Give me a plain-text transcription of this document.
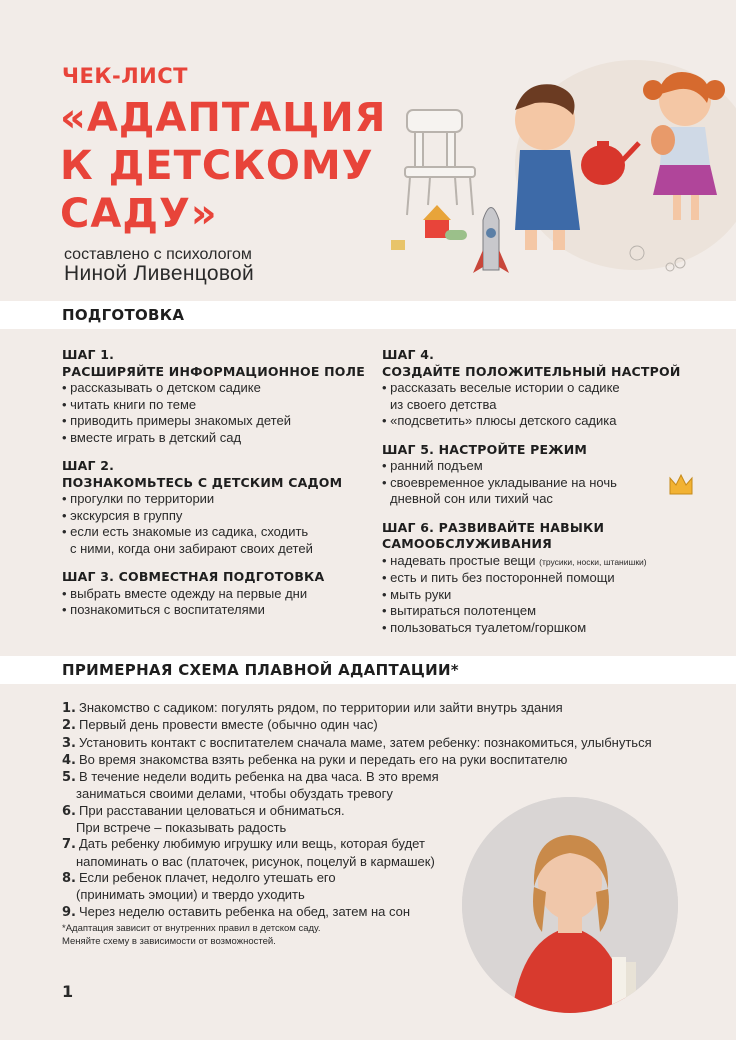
ЧЕК-ЛИСТ
«АДАПТАЦИЯ
К ДЕТСКОМУ
САДУ»
составлено с психологом
Ниной Ливенцовой
ПОДГОТОВКА
ШАГ 1.
РАСШИРЯЙТЕ ИНФОРМАЦИОННОЕ ПОЛЕ
• рассказывать о детском садике
• читать книги по теме
• приводить примеры знакомых детей
• вместе играть в детский сад
ШАГ 2.
ПОЗНАКОМЬТЕСЬ С ДЕТСКИМ САДОМ
• прогулки по территории
• экскурсия в группу
• если есть знакомые из садика, сходить
с ними, когда они забирают своих детей
ШАГ 3. СОВМЕСТНАЯ ПОДГОТОВКА
• выбрать вместе одежду на первые дни
• познакомиться с воспитателями
ШАГ 4.
СОЗДАЙТЕ ПОЛОЖИТЕЛЬНЫЙ НАСТРОЙ
• рассказать веселые истории о садике
из своего детства
• «подсветить» плюсы детского садика
ШАГ 5. НАСТРОЙТЕ РЕЖИМ
• ранний подъем
• своевременное укладывание на ночь
дневной сон или тихий час
ШАГ 6. РАЗВИВАЙТЕ НАВЫКИ
САМООБСЛУЖИВАНИЯ
• надевать простые вещи (трусики, носки, штанишки)
• есть и пить без посторонней помощи
• мыть руки
• вытираться полотенцем
• пользоваться туалетом/горшком
ПРИМЕРНАЯ СХЕМА ПЛАВНОЙ АДАПТАЦИИ*
1. Знакомство с садиком: погулять рядом, по территории или зайти внутрь здания
2. Первый день провести вместе (обычно один час)
3. Установить контакт с воспитателем сначала маме, затем ребенку: познакомиться, улыбнуться
4. Во время знакомства взять ребенка на руки и передать его на руки воспитателю
5. В течение недели водить ребенка на два часа. В это время
заниматься своими делами, чтобы обуздать тревогу
6. При расставании целоваться и обниматься.
При встрече – показывать радость
7. Дать ребенку любимую игрушку или вещь, которая будет
напоминать о вас (платочек, рисунок, поцелуй в кармашек)
8. Если ребенок плачет, недолго утешать его
(принимать эмоции) и твердо уходить
9. Через неделю оставить ребенка на обед, затем на сон
*Адаптация зависит от внутренних правил в детском саду.
Меняйте схему в зависимости от возможностей.
1
